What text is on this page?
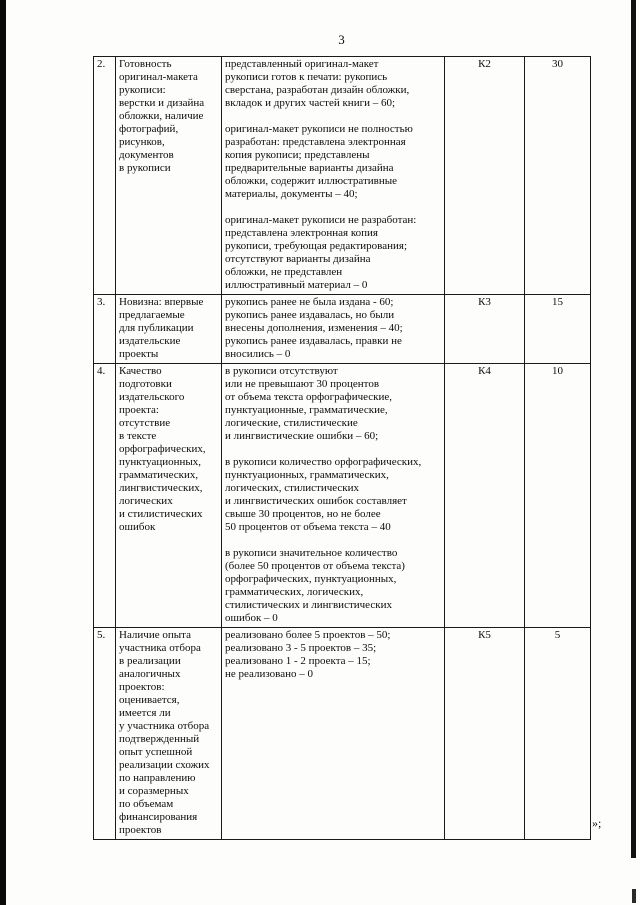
3
2.	Готовность
оригинал-макета
рукописи:
верстки и дизайна
обложки, наличие
фотографий,
рисунков,
документов
в рукописи

представленный оригинал-макет
рукописи готов к печати: рукопись
сверстана, разработан дизайн обложки,
вкладок и других частей книги – 60;
оригинал-макет рукописи не полностью
разработан: представлена электронная
копия рукописи; представлены
предварительные варианты дизайна
обложки, содержит иллюстративные
материалы, документы – 40;
оригинал-макет рукописи не разработан:
представлена электронная копия
рукописи, требующая редактирования;
отсутствуют варианты дизайна
обложки, не представлен
иллюстративный материал – 0
	К2	30
3.	Новизна: впервые
предлагаемые
для публикации
издательские
проекты

рукопись ранее не была издана - 60;
рукопись ранее издавалась, но были
внесены дополнения, изменения – 40;
рукопись ранее издавалась, правки не
вносились – 0
	К3	15
4.	Качество
подготовки
издательского
проекта:
отсутствие
в тексте
орфографических,
пунктуационных,
грамматических,
лингвистических,
логических
и стилистических
ошибок

в рукописи отсутствуют
или не превышают 30 процентов
от объема текста орфографические,
пунктуационные, грамматические,
логические, стилистические
и лингвистические ошибки – 60;
в рукописи количество орфографических,
пунктуационных, грамматических,
логических, стилистических
и лингвистических ошибок составляет
свыше 30 процентов, но не более
50 процентов от объема текста – 40
в рукописи значительное количество
(более 50 процентов от объема текста)
орфографических, пунктуационных,
грамматических, логических,
стилистических и лингвистических
ошибок – 0
	К4	10
5.	Наличие опыта
участника отбора
в реализации
аналогичных
проектов:
оценивается,
имеется ли
у участника отбора
подтвержденный
опыт успешной
реализации схожих
по направлению
и соразмерных
по объемам
финансирования
проектов

реализовано более 5 проектов – 50;
реализовано 3 - 5 проектов – 35;
реализовано 1 - 2 проекта – 15;
не реализовано – 0
	К5	5
»;
